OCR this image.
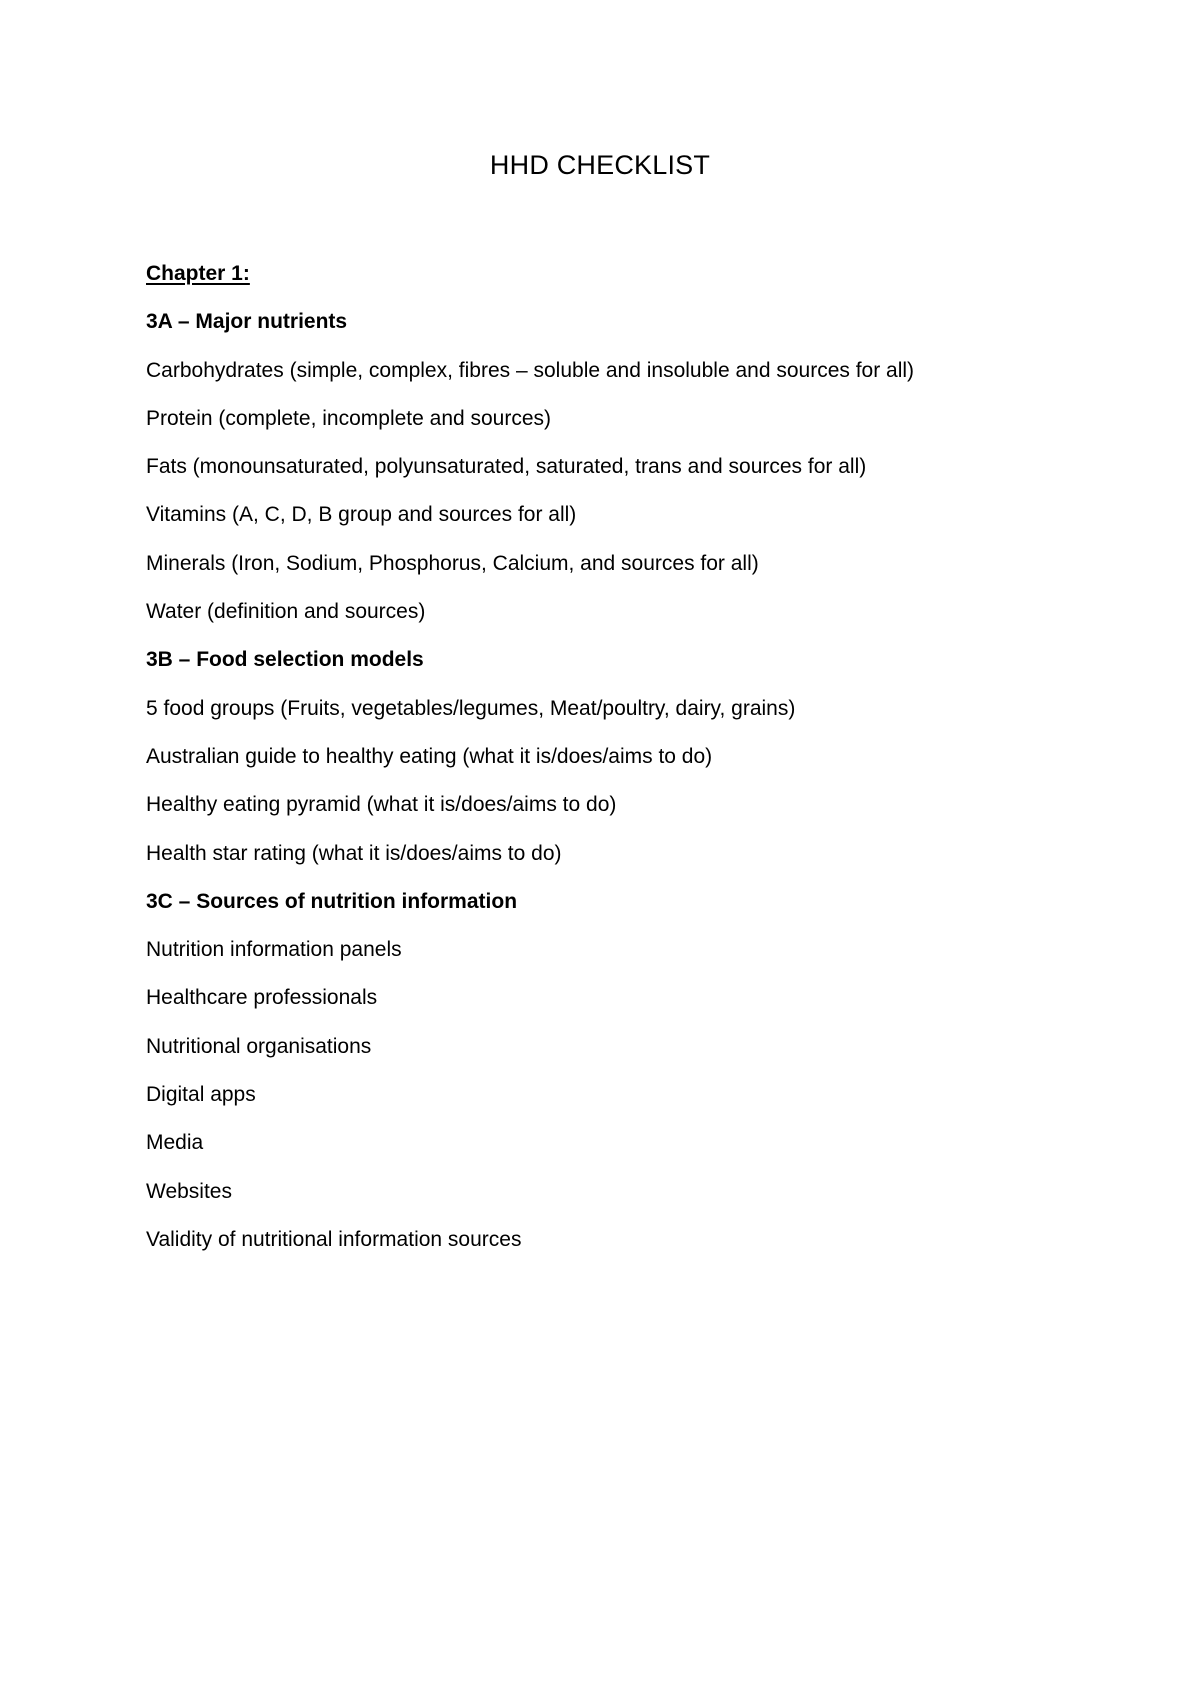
HHD CHECKLIST
Chapter 1:
3A – Major nutrients
Carbohydrates (simple, complex, fibres – soluble and insoluble and sources for all)
Protein (complete, incomplete and sources)
Fats (monounsaturated, polyunsaturated, saturated, trans and sources for all)
Vitamins (A, C, D, B group and sources for all)
Minerals (Iron, Sodium, Phosphorus, Calcium, and sources for all)
Water (definition and sources)
3B – Food selection models
5 food groups (Fruits, vegetables/legumes, Meat/poultry, dairy, grains)
Australian guide to healthy eating (what it is/does/aims to do)
Healthy eating pyramid (what it is/does/aims to do)
Health star rating (what it is/does/aims to do)
3C – Sources of nutrition information
Nutrition information panels
Healthcare professionals
Nutritional organisations
Digital apps
Media
Websites
Validity of nutritional information sources
